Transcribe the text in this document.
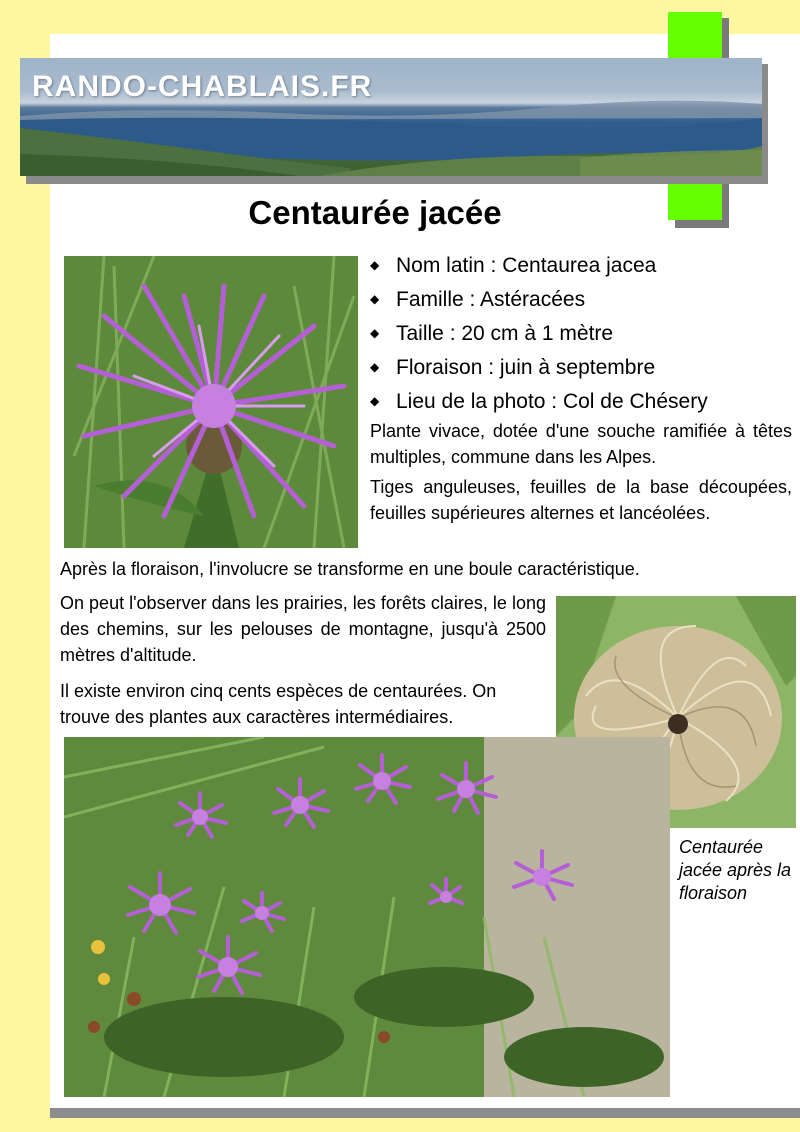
RANDO-CHABLAIS.FR
Centaurée jacée
◆ Nom latin : Centaurea jacea
◆ Famille : Astéracées
◆ Taille : 20 cm à 1 mètre
◆ Floraison : juin à septembre
◆ Lieu de la photo : Col de Chésery

Plante vivace, dotée d'une souche ramifiée à têtes multiples, commune dans les Alpes.

Tiges anguleuses, feuilles de la base découpées, feuilles supérieures alternes et lancéolées.

Après la floraison, l'involucre se transforme en une boule caractéristique.

On peut l'observer dans les prairies, les forêts claires, le long des chemins, sur les pelouses de montagne, jusqu'à 2500 mètres d'altitude.

Il existe environ cinq cents espèces de centaurées. On trouve des plantes aux caractères intermédiaires.

Centaurée jacée après la floraison
